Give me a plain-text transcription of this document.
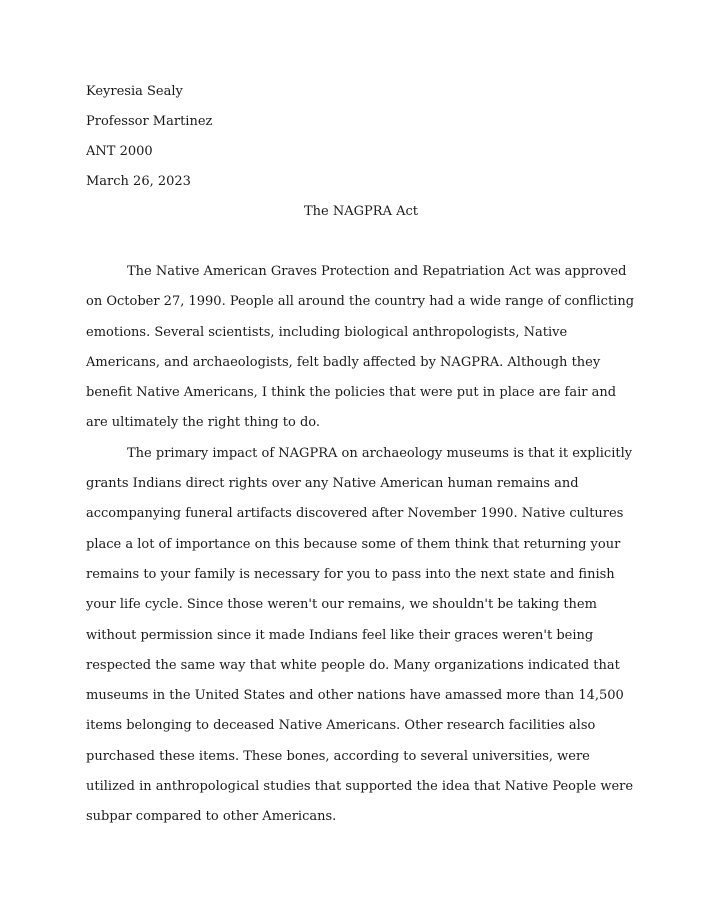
Keyresia Sealy

Professor Martinez

ANT 2000

March 26, 2023

The NAGPRA Act
The Native American Graves Protection and Repatriation Act was approved
on October 27, 1990. People all around the country had a wide range of conflicting
emotions. Several scientists, including biological anthropologists, Native
Americans, and archaeologists, felt badly affected by NAGPRA. Although they
benefit Native Americans, I think the policies that were put in place are fair and
are ultimately the right thing to do.
The primary impact of NAGPRA on archaeology museums is that it explicitly
grants Indians direct rights over any Native American human remains and
accompanying funeral artifacts discovered after November 1990. Native cultures
place a lot of importance on this because some of them think that returning your
remains to your family is necessary for you to pass into the next state and finish
your life cycle. Since those weren't our remains, we shouldn't be taking them
without permission since it made Indians feel like their graces weren't being
respected the same way that white people do. Many organizations indicated that
museums in the United States and other nations have amassed more than 14,500
items belonging to deceased Native Americans. Other research facilities also
purchased these items. These bones, according to several universities, were
utilized in anthropological studies that supported the idea that Native People were
subpar compared to other Americans.
